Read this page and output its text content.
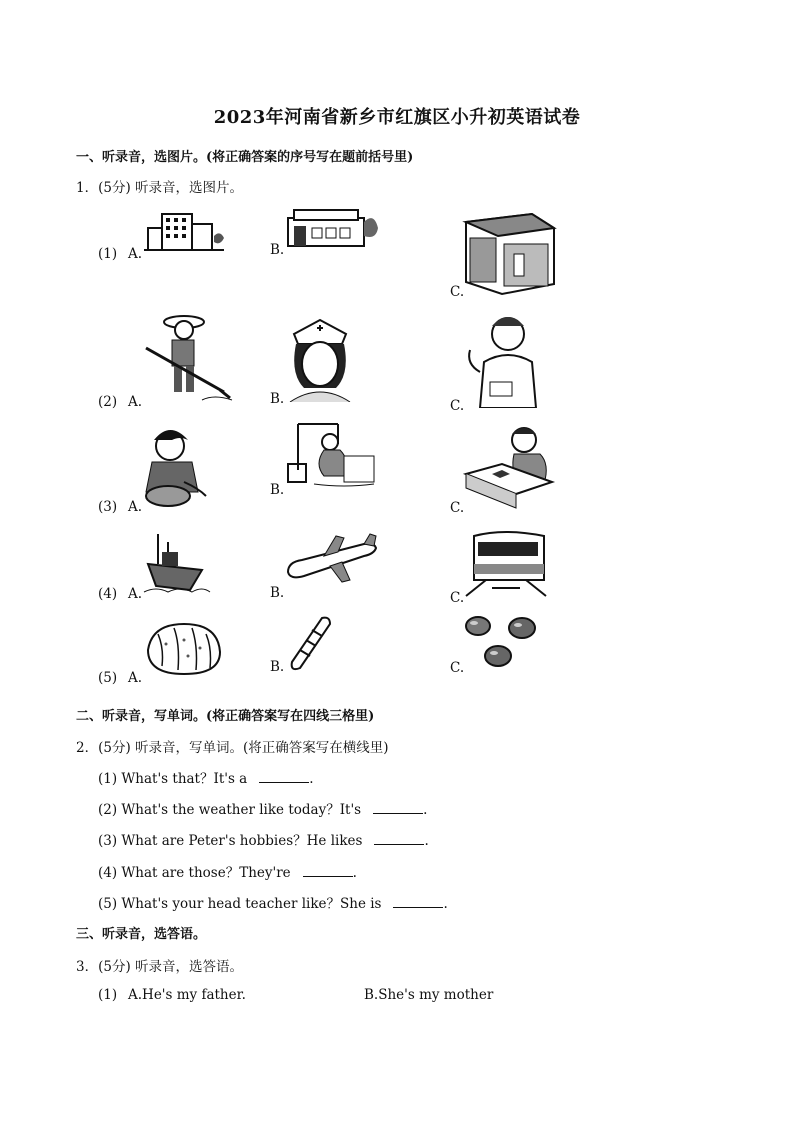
2023年河南省新乡市红旗区小升初英语试卷
一、听录音，选图片。(将正确答案的序号写在题前括号里)
1．(5分) 听录音，选图片。
(1) A.	B.
C.
(2) A.	B.	C.
(3) A.
B.
C.
(4) A.	B.	C.
(5) A.
B.	C.
二、听录音，写单词。(将正确答案写在四线三格里)
2．(5分) 听录音，写单词。(将正确答案写在横线里)
(1) What's that？It's a	.
(2) What's the weather like today？It's	.
(3) What are Peter's hobbies？He likes	.
(4) What are those？They're	.
(5) What's your head teacher like？She is	.
三、听录音，选答语。
3．(5分) 听录音，选答语。
(1) A.He's my father.	B.She's my mother
